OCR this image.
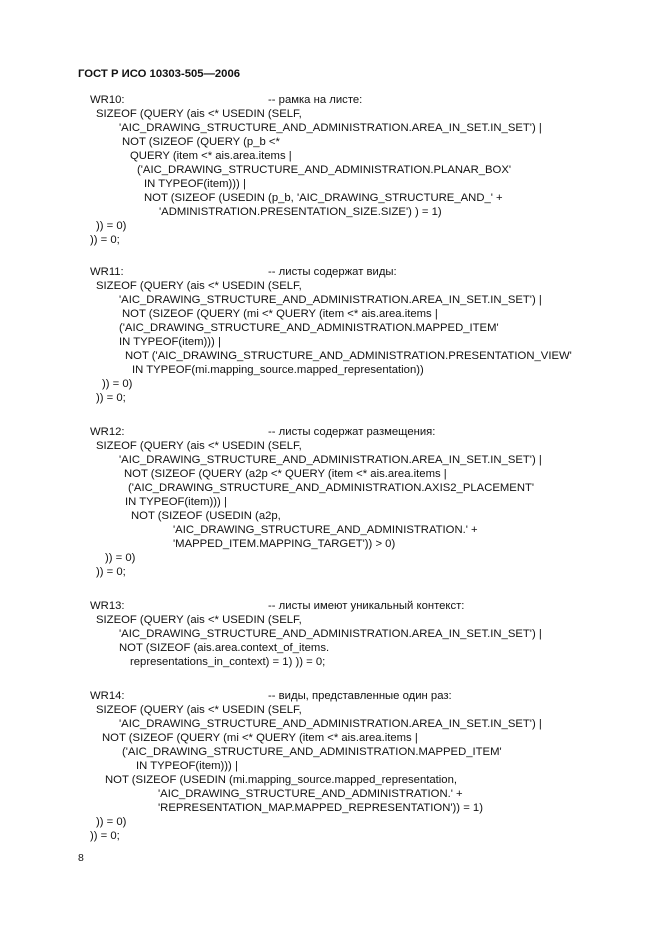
ГОСТ Р ИСО 10303-505—2006
WR10:	-- рамка на листе:
SIZEOF (QUERY (ais <* USEDIN (SELF,
'AIC_DRAWING_STRUCTURE_AND_ADMINISTRATION.AREA_IN_SET.IN_SET') |
NOT (SIZEOF (QUERY (p_b <*
QUERY (item <* ais.area.items |
('AIC_DRAWING_STRUCTURE_AND_ADMINISTRATION.PLANAR_BOX'
IN TYPEOF(item))) |
NOT (SIZEOF (USEDIN (p_b, 'AIC_DRAWING_STRUCTURE_AND_' +
'ADMINISTRATION.PRESENTATION_SIZE.SIZE') ) = 1)
)) = 0)
)) = 0;
WR11:	-- листы содержат виды:
SIZEOF (QUERY (ais <* USEDIN (SELF,
'AIC_DRAWING_STRUCTURE_AND_ADMINISTRATION.AREA_IN_SET.IN_SET') |
NOT (SIZEOF (QUERY (mi <* QUERY (item <* ais.area.items |
('AIC_DRAWING_STRUCTURE_AND_ADMINISTRATION.MAPPED_ITEM'
IN TYPEOF(item))) |
NOT ('AIC_DRAWING_STRUCTURE_AND_ADMINISTRATION.PRESENTATION_VIEW'
IN TYPEOF(mi.mapping_source.mapped_representation))
)) = 0)
)) = 0;
WR12:	-- листы содержат размещения:
SIZEOF (QUERY (ais <* USEDIN (SELF,
'AIC_DRAWING_STRUCTURE_AND_ADMINISTRATION.AREA_IN_SET.IN_SET') |
NOT (SIZEOF (QUERY (a2p <* QUERY (item <* ais.area.items |
('AIC_DRAWING_STRUCTURE_AND_ADMINISTRATION.AXIS2_PLACEMENT'
IN TYPEOF(item))) |
NOT (SIZEOF (USEDIN (a2p,
'AIC_DRAWING_STRUCTURE_AND_ADMINISTRATION.' +
'MAPPED_ITEM.MAPPING_TARGET')) > 0)
)) = 0)
)) = 0;
WR13:	-- листы имеют уникальный контекст:
SIZEOF (QUERY (ais <* USEDIN (SELF,
'AIC_DRAWING_STRUCTURE_AND_ADMINISTRATION.AREA_IN_SET.IN_SET') |
NOT (SIZEOF (ais.area.context_of_items.
representations_in_context) = 1) )) = 0;
WR14:	-- виды, представленные один раз:
SIZEOF (QUERY (ais <* USEDIN (SELF,
'AIC_DRAWING_STRUCTURE_AND_ADMINISTRATION.AREA_IN_SET.IN_SET') |
NOT (SIZEOF (QUERY (mi <* QUERY (item <* ais.area.items |
('AIC_DRAWING_STRUCTURE_AND_ADMINISTRATION.MAPPED_ITEM'
IN TYPEOF(item))) |
NOT (SIZEOF (USEDIN (mi.mapping_source.mapped_representation,
'AIC_DRAWING_STRUCTURE_AND_ADMINISTRATION.' +
'REPRESENTATION_MAP.MAPPED_REPRESENTATION')) = 1)
)) = 0)
)) = 0;
8
